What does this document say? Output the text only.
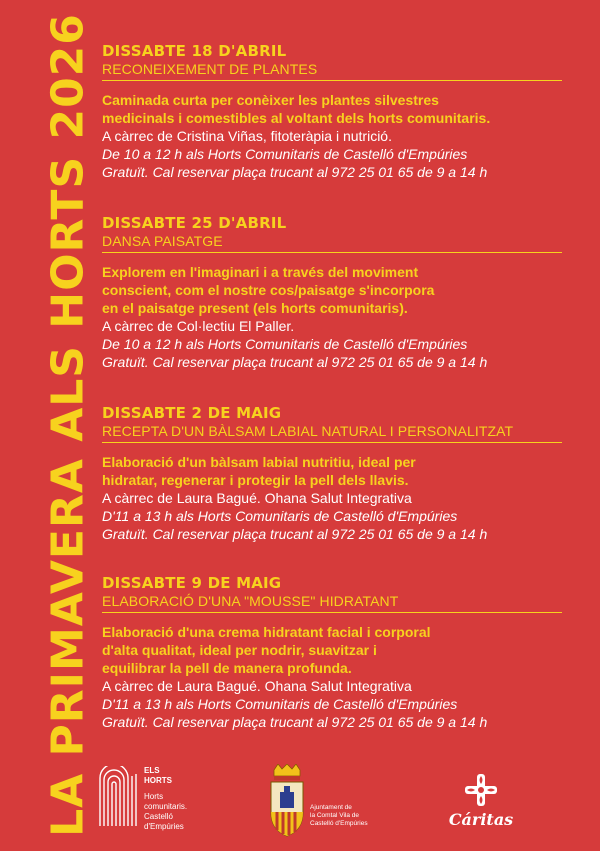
LA PRIMAVERA ALS HORTS 2026 DISSABTE 18 D'ABRIL
RECONEIXEMENT DE PLANTES
Caminada curta per conèixer les plantes silvestres
medicinals i comestibles al voltant dels horts comunitaris.
A càrrec de Cristina Viñas, fitoteràpia i nutrició.
De 10 a 12 h als Horts Comunitaris de Castelló d'Empúries
Gratuït. Cal reservar plaça trucant al 972 25 01 65 de 9 a 14 h
DISSABTE 25 D'ABRIL
DANSA PAISATGE
Explorem en l'imaginari i a través del moviment
conscient, com el nostre cos/paisatge s'incorpora
en el paisatge present (els horts comunitaris).
A càrrec de Col·lectiu El Paller.
De 10 a 12 h als Horts Comunitaris de Castelló d'Empúries
Gratuït. Cal reservar plaça trucant al 972 25 01 65 de 9 a 14 h
DISSABTE 2 DE MAIG
RECEPTA D'UN BÀLSAM LABIAL NATURAL I PERSONALITZAT
Elaboració d'un bàlsam labial nutritiu, ideal per
hidratar, regenerar i protegir la pell dels llavis.
A càrrec de Laura Bagué. Ohana Salut Integrativa
D'11 a 13 h als Horts Comunitaris de Castelló d'Empúries
Gratuït. Cal reservar plaça trucant al 972 25 01 65 de 9 a 14 h
DISSABTE 9 DE MAIG
ELABORACIÓ D'UNA "MOUSSE" HIDRATANT
Elaboració d'una crema hidratant facial i corporal
d'alta qualitat, ideal per nodrir, suavitzar i
equilibrar la pell de manera profunda.
A càrrec de Laura Bagué. Ohana Salut Integrativa
D'11 a 13 h als Horts Comunitaris de Castelló d'Empúries
Gratuït. Cal reservar plaça trucant al 972 25 01 65 de 9 a 14 h
ELS
HORTS
Horts
comunitaris.
Castelló
d'Empúries
Ajuntament de
la Comtal Vila de
Castelló d'Empúries	Cáritas
